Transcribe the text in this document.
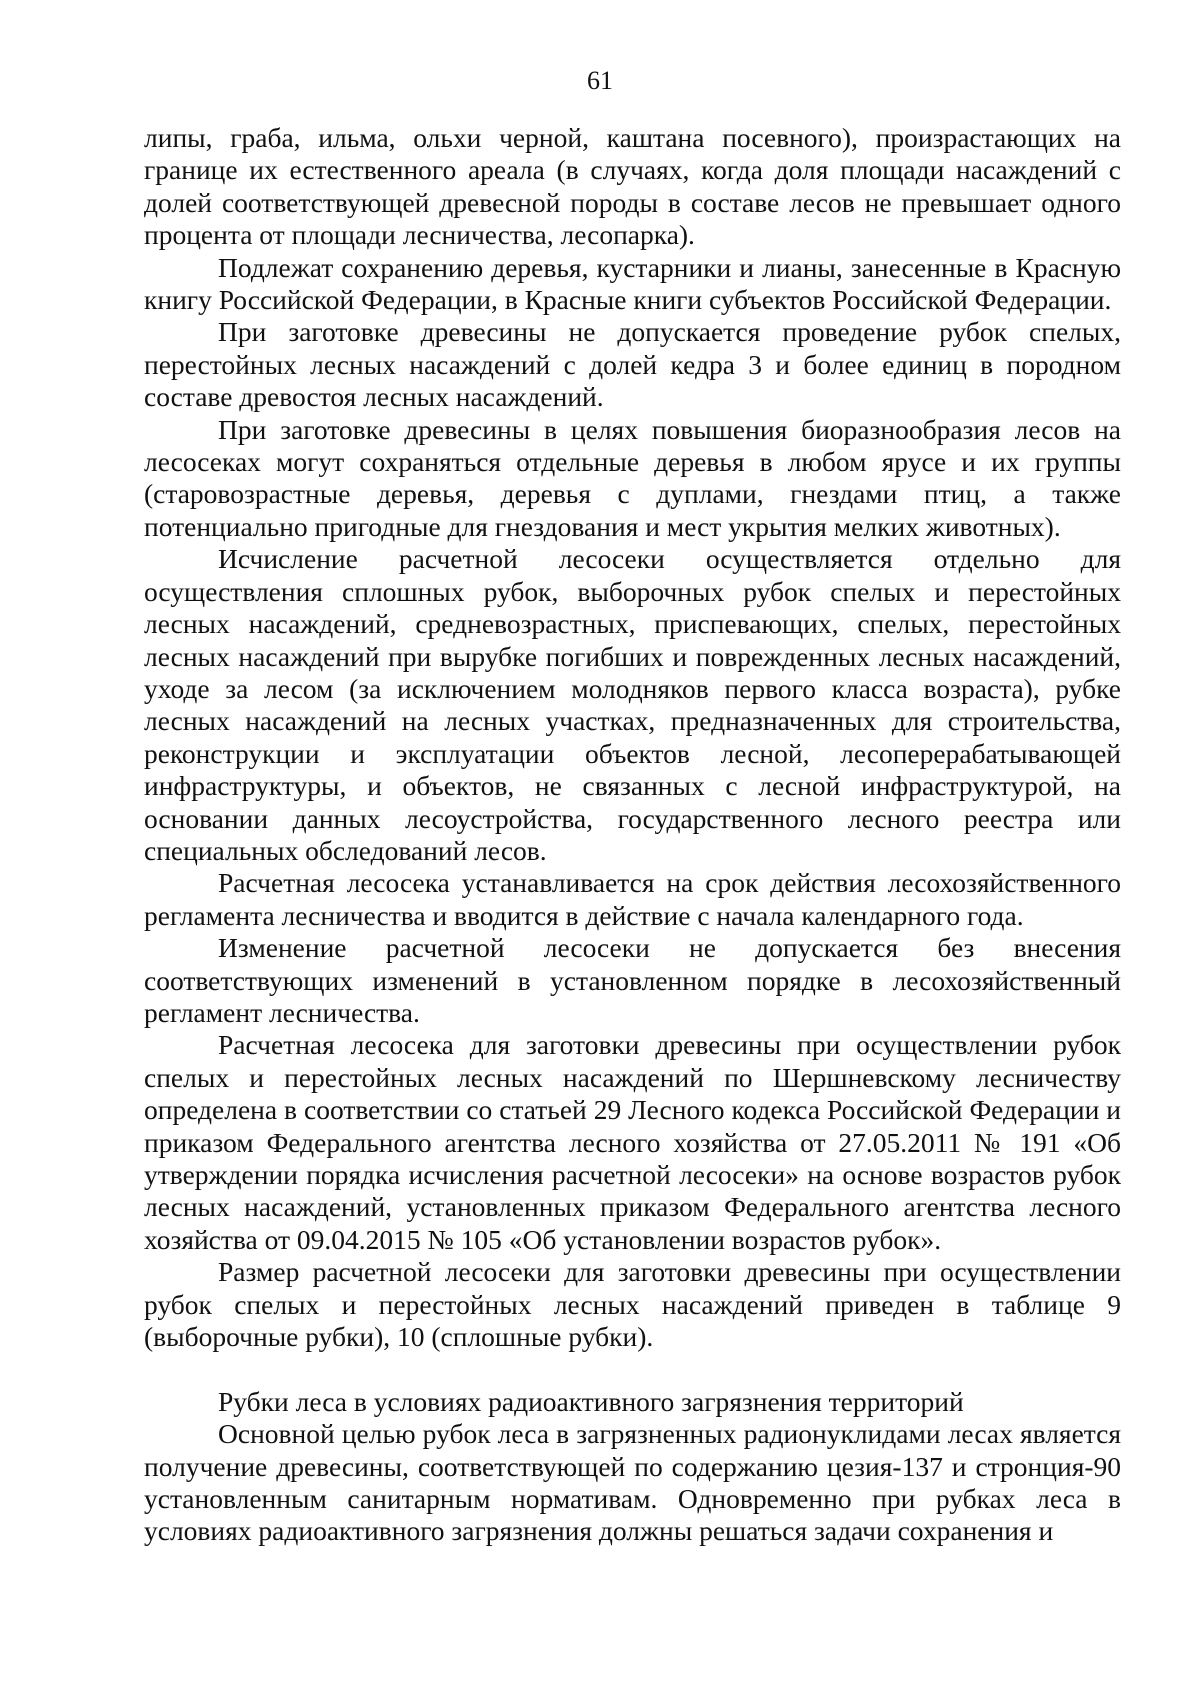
61

липы, граба, ильма, ольхи черной, каштана посевного), произрастающих на границе их естественного ареала (в случаях, когда доля площади насаждений с долей соответствующей древесной породы в составе лесов не превышает одного процента от площади лесничества, лесопарка).

Подлежат сохранению деревья, кустарники и лианы, занесенные в Красную книгу Российской Федерации, в Красные книги субъектов Российской Федерации.

При заготовке древесины не допускается проведение рубок спелых, перестойных лесных насаждений с долей кедра 3 и более единиц в породном составе древостоя лесных насаждений.

При заготовке древесины в целях повышения биоразнообразия лесов на лесосеках могут сохраняться отдельные деревья в любом ярусе и их группы (старовозрастные деревья, деревья с дуплами, гнездами птиц, а также потенциально пригодные для гнездования и мест укрытия мелких животных).

Исчисление расчетной лесосеки осуществляется отдельно для осуществления сплошных рубок, выборочных рубок спелых и перестойных лесных насаждений, средневозрастных, приспевающих, спелых, перестойных лесных насаждений при вырубке погибших и поврежденных лесных насаждений, уходе за лесом (за исключением молодняков первого класса возраста), рубке лесных насаждений на лесных участках, предназначенных для строительства, реконструкции и эксплуатации объектов лесной, лесоперерабатывающей инфраструктуры, и объектов, не связанных с лесной инфраструктурой, на основании данных лесоустройства, государственного лесного реестра или специальных обследований лесов.

Расчетная лесосека устанавливается на срок действия лесохозяйственного регламента лесничества и вводится в действие с начала календарного года.

Изменение расчетной лесосеки не допускается без внесения соответствующих изменений в установленном порядке в лесохозяйственный регламент лесничества.

Расчетная лесосека для заготовки древесины при осуществлении рубок спелых и перестойных лесных насаждений по Шершневскому лесничеству определена в соответствии со статьей 29 Лесного кодекса Российской Федерации и приказом Федерального агентства лесного хозяйства от 27.05.2011 № 191 «Об утверждении порядка исчисления расчетной лесосеки» на основе возрастов рубок лесных насаждений, установленных приказом Федерального агентства лесного хозяйства от 09.04.2015 № 105 «Об установлении возрастов рубок».

Размер расчетной лесосеки для заготовки древесины при осуществлении рубок спелых и перестойных лесных насаждений приведен в таблице 9 (выборочные рубки), 10 (сплошные рубки).

Рубки леса в условиях радиоактивного загрязнения территорий

Основной целью рубок леса в загрязненных радионуклидами лесах является получение древесины, соответствующей по содержанию цезия-137 и стронция-90 установленным санитарным нормативам. Одновременно при рубках леса в условиях радиоактивного загрязнения должны решаться задачи сохранения и
